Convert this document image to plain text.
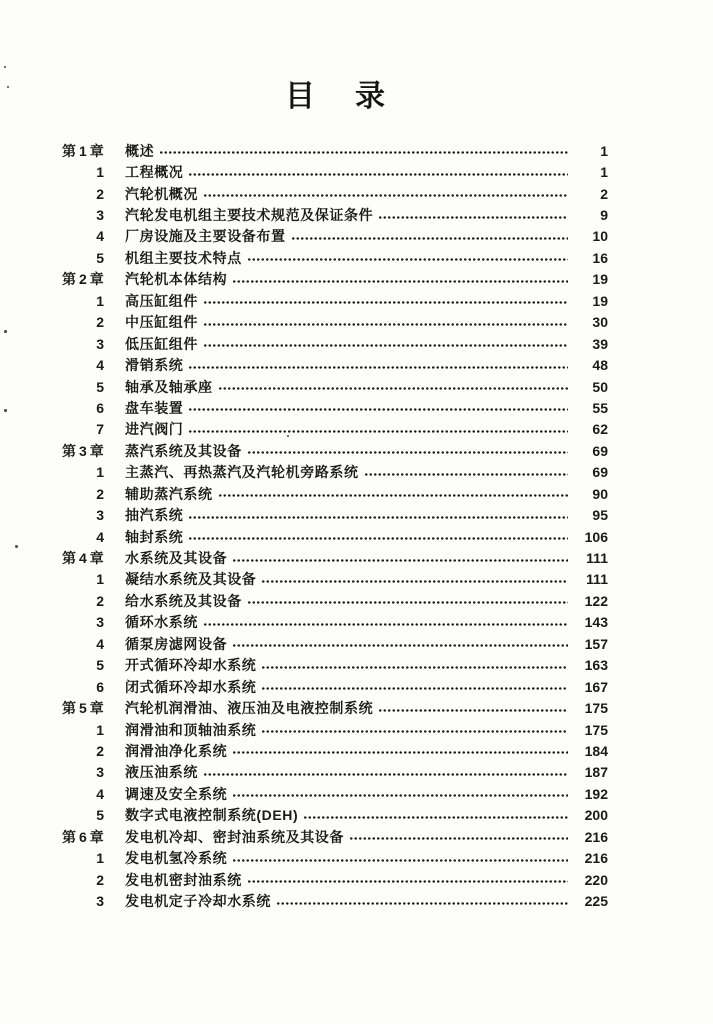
目 录
第1章	概述	1
1	工程概况	1
2	汽轮机概况	2
3	汽轮发电机组主要技术规范及保证条件	9
4	厂房设施及主要设备布置	10
5	机组主要技术特点	16
第2章	汽轮机本体结构	19
1	高压缸组件	19
2	中压缸组件	30
3	低压缸组件	39
4	滑销系统	48
5	轴承及轴承座	50
6	盘车装置	55
7	进汽阀门	62
第3章	蒸汽系统及其设备	69
1	主蒸汽、再热蒸汽及汽轮机旁路系统	69
2	辅助蒸汽系统	90
3	抽汽系统	95
4	轴封系统	106
第4章	水系统及其设备	111
1	凝结水系统及其设备	111
2	给水系统及其设备	122
3	循环水系统	143
4	循泵房滤网设备	157
5	开式循环冷却水系统	163
6	闭式循环冷却水系统	167
第5章	汽轮机润滑油、液压油及电液控制系统	175
1	润滑油和顶轴油系统	175
2	润滑油净化系统	184
3	液压油系统	187
4	调速及安全系统	192
5	数字式电液控制系统(DEH)	200
第6章	发电机冷却、密封油系统及其设备	216
1	发电机氢冷系统	216
2	发电机密封油系统	220
3	发电机定子冷却水系统	225
